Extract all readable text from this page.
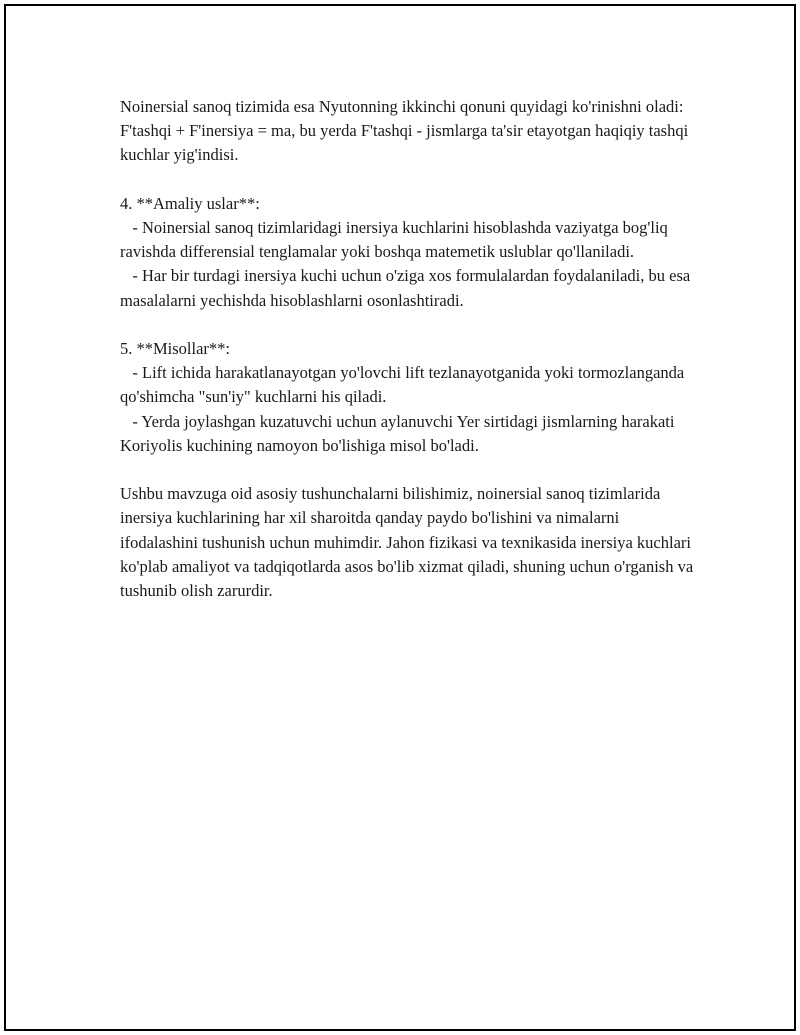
Noinersial sanoq tizimida esa Nyutonning ikkinchi qonuni quyidagi ko'rinishni oladi: F'tashqi + F'inersiya = ma, bu yerda F'tashqi - jismlarga ta'sir etayotgan haqiqiy tashqi kuchlar yig'indisi.

4. **Amaliy uslar**:

- Noinersial sanoq tizimlaridagi inersiya kuchlarini hisoblashda vaziyatga bog'liq ravishda differensial tenglamalar yoki boshqa matemetik uslublar qo'llaniladi.

- Har bir turdagi inersiya kuchi uchun o'ziga xos formulalardan foydalaniladi, bu esa masalalarni yechishda hisoblashlarni osonlashtiradi.

5. **Misollar**:

- Lift ichida harakatlanayotgan yo'lovchi lift tezlanayotganida yoki tormozlanganda qo'shimcha "sun'iy" kuchlarni his qiladi.

- Yerda joylashgan kuzatuvchi uchun aylanuvchi Yer sirtidagi jismlarning harakati Koriyolis kuchining namoyon bo'lishiga misol bo'ladi.

Ushbu mavzuga oid asosiy tushunchalarni bilishimiz, noinersial sanoq tizimlarida inersiya kuchlarining har xil sharoitda qanday paydo bo'lishini va nimalarni ifodalashini tushunish uchun muhimdir. Jahon fizikasi va texnikasida inersiya kuchlari ko'plab amaliyot va tadqiqotlarda asos bo'lib xizmat qiladi, shuning uchun o'rganish va tushunib olish zarurdir.
